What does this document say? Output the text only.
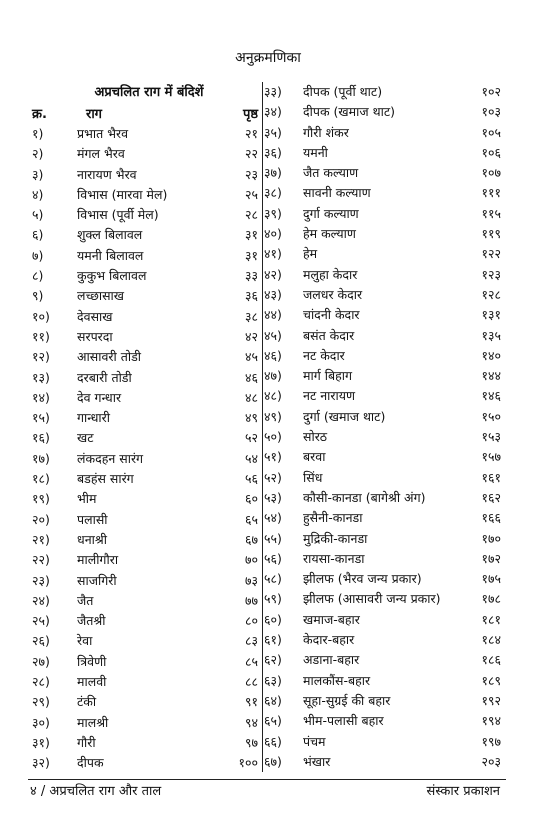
अनुक्रमणिका
अप्रचलित राग में बंदिशें
क्र.	राग	पृष्ठ
१)	प्रभात भैरव	२१
२)	मंगल भैरव	२२
३)	नारायण भैरव	२३
४)	विभास (मारवा मेल)	२५
५)	विभास (पूर्वी मेल)	२८
६)	शुक्ल बिलावल	३१
७)	यमनी बिलावल	३१
८)	कुकुभ बिलावल	३३
९)	लच्छासाख	३६
१०) देवसाख	३८
११) सरपरदा	४२
१२) आसावरी तोडी	४५
१३) दरबारी तोडी	४६
१४) देव गन्धार	४८
१५) गान्धारी	४९
१६) खट	५२
१७) लंकदहन सारंग	५४
१८) बडहंस सारंग	५६
१९) भीम	६०
२०) पलासी	६५
२१) धनाश्री	६७
२२) मालीगौरा	७०
२३) साजगिरी	७३
२४) जैत	७७
२५) जैतश्री	८०
२६) रेवा	८३
२७) त्रिवेणी	८५
२८) मालवी	८८
२९) टंकी	९१
३०) मालश्री	९४
३१) गौरी	९७
३२) दीपक	१००
३३) दीपक (पूर्वी थाट)	१०२
३४) दीपक (खमाज थाट)	१०३
३५) गौरी शंकर	१०५
३६) यमनी	१०६
३७) जैत कल्याण	१०७
३८) सावनी कल्याण	१११
३९) दुर्गा कल्याण	११५
४०) हेम कल्याण	११९
४१) हेम	१२२
४२) मलुहा केदार	१२३
४३) जलधर केदार	१२८
४४) चांदनी केदार	१३१
४५) बसंत केदार	१३५
४६) नट केदार	१४०
४७) मार्ग बिहाग	१४४
४८) नट नारायण	१४६
४९) दुर्गा (खमाज थाट)	१५०
५०) सोरठ	१५३
५१) बरवा	१५७
५२) सिंध	१६१
५३) कौसी-कानडा (बागेश्री अंग)	१६२
५४) हुसैनी-कानडा	१६६
५५) मुद्रिकी-कानडा	१७०
५६) रायसा-कानडा	१७२
५८) झीलफ (भैरव जन्य प्रकार)	१७५
५९) झीलफ (आसावरी जन्य प्रकार)	१७८
६०) खमाज-बहार	१८१
६१) केदार-बहार	१८४
६२) अडाना-बहार	१८६
६३) मालकौंस-बहार	१८९
६४) सूहा-सुग्रई की बहार	१९२
६५) भीम-पलासी बहार	१९४
६६) पंचम	१९७
६७) भंखार	२०३
४ / अप्रचलित राग और ताल	संस्कार प्रकाशन
